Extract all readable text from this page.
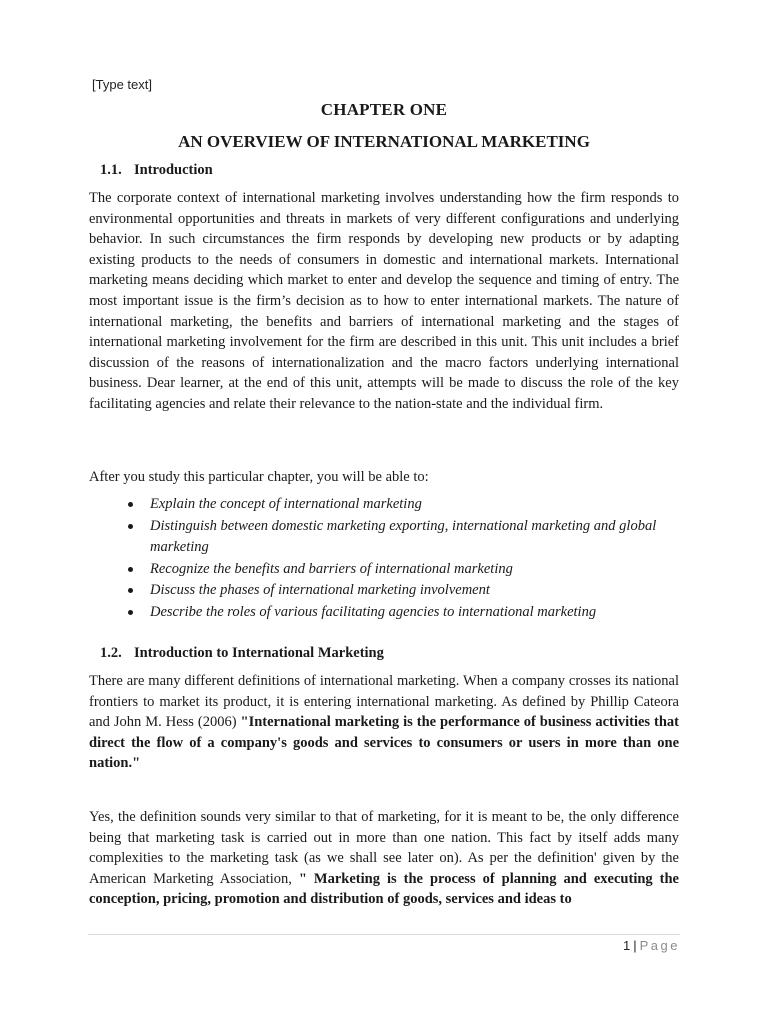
[Type text]
CHAPTER ONE
AN OVERVIEW OF INTERNATIONAL MARKETING
1.1. Introduction
The corporate context of international marketing involves understanding how the firm responds to environmental opportunities and threats in markets of very different configurations and underlying behavior. In such circumstances the firm responds by developing new products or by adapting existing products to the needs of consumers in domestic and international markets. International marketing means deciding which market to enter and develop the sequence and timing of entry. The most important issue is the firm’s decision as to how to enter international markets. The nature of international marketing, the benefits and barriers of international marketing and the stages of international marketing involvement for the firm are described in this unit. This unit includes a brief discussion of the reasons of internationalization and the macro factors underlying international business. Dear learner, at the end of this unit, attempts will be made to discuss the role of the key facilitating agencies and relate their relevance to the nation-state and the individual firm.
After you study this particular chapter, you will be able to:
Explain the concept of international marketing
Distinguish between domestic marketing exporting, international marketing and global marketing
Recognize the benefits and barriers of international marketing
Discuss the phases of international marketing involvement
Describe the roles of various facilitating agencies to international marketing
1.2. Introduction to International Marketing
There are many different definitions of international marketing. When a company crosses its national frontiers to market its product, it is entering international marketing. As defined by Phillip Cateora and John M. Hess (2006) "International marketing is the performance of business activities that direct the flow of a company's goods and services to consumers or users in more than one nation."
Yes, the definition sounds very similar to that of marketing, for it is meant to be, the only difference being that marketing task is carried out in more than one nation. This fact by itself adds many complexities to the marketing task (as we shall see later on). As per the definition' given by the American Marketing Association, " Marketing is the process of planning and executing the conception, pricing, promotion and distribution of goods, services and ideas to
1 | Page
